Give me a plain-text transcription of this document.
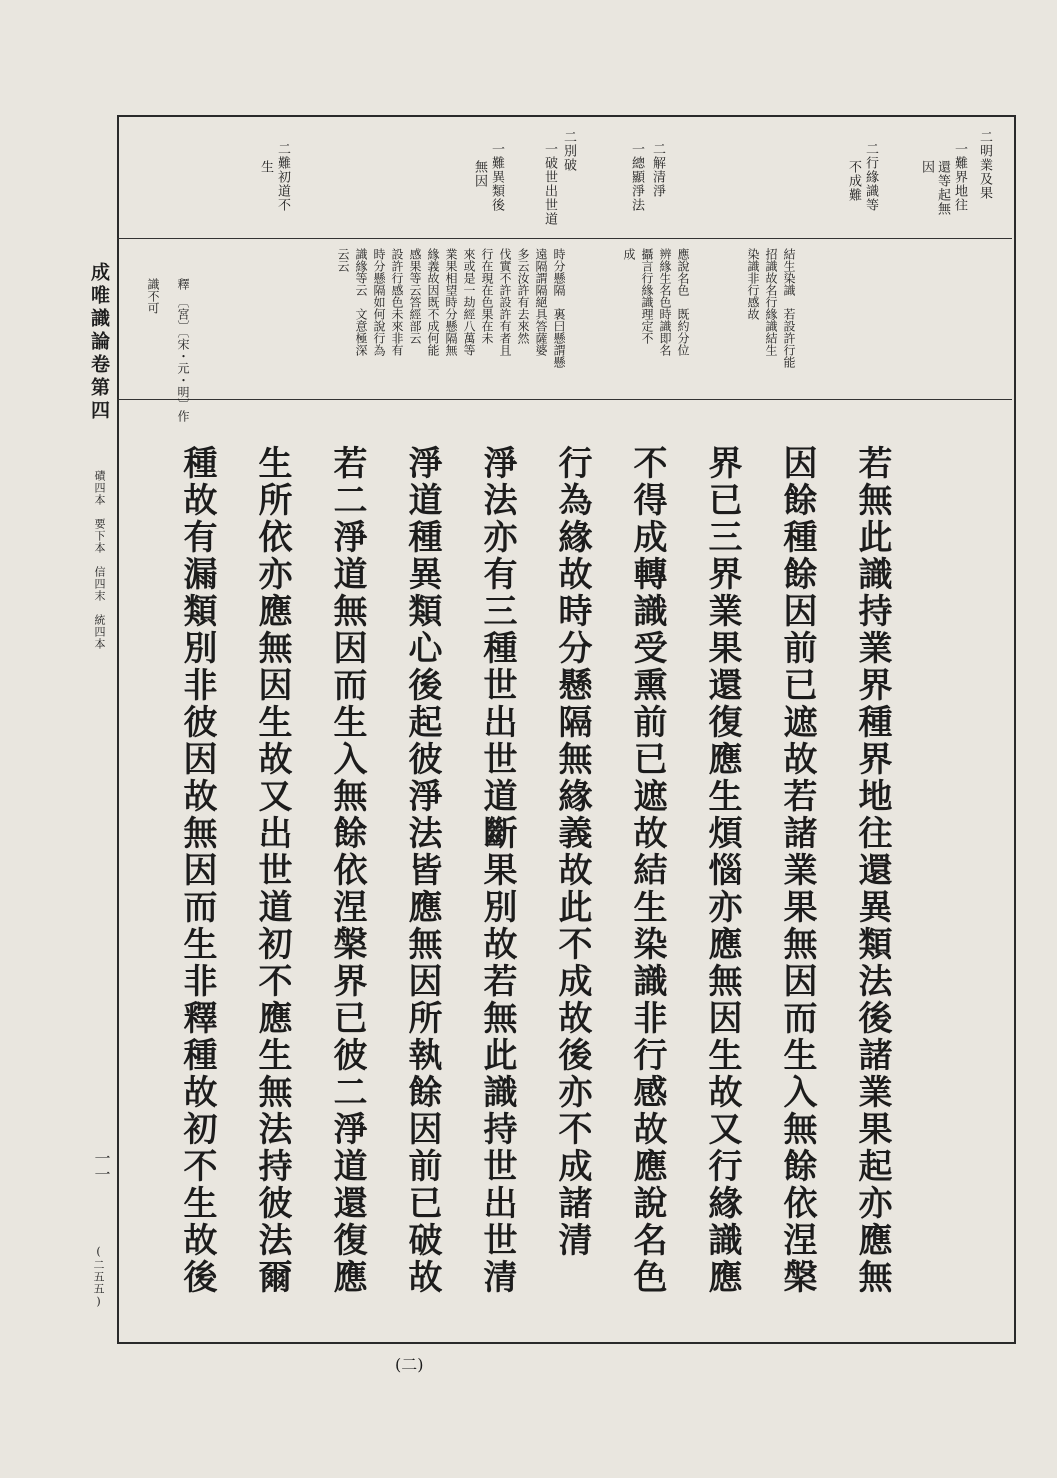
成唯識論卷第四
磧四本　要下本　信四末　統四本
一一
(二五五)
二明業及果
一難界地往
還等起無
因
二行緣識等
不成難
二解清淨
一總顯淨法
二別破
一破世出世道
一難異類後
無因
二難初道不
生
結生染識　若設許行能
招識故名行緣識結生
染識非行感故
應說名色　既約分位
辨緣生名色時識即名
攝言行緣識理定不
成
時分懸隔　裏曰懸謂懸
遠隔謂隔絕具答薩婆
多云汝許有去來然
伐實不許設許有者且
行在現在色果在未
來或是一劫經八萬等
業果相望時分懸隔無
緣義故因既不成何能
感果等云答經部云
設許行感色未來非有
時分懸隔如何說行為
識緣等云　文意極深
云云
釋　〔宮〕〔宋・元・明〕作
識不可
若無此識持業界種界地往還異類法後諸業果起亦應無
因餘種餘因前已遮故若諸業果無因而生入無餘依涅槃
界已三界業果還復應生煩惱亦應無因生故又行緣識應
不得成轉識受熏前已遮故結生染識非行感故應說名色
行為緣故時分懸隔無緣義故此不成故後亦不成諸清
淨法亦有三種世出世道斷果別故若無此識持世出世清
淨道種異類心後起彼淨法皆應無因所執餘因前已破故
若二淨道無因而生入無餘依涅槃界已彼二淨道還復應
生所依亦應無因生故又出世道初不應生無法持彼法爾
種故有漏類別非彼因故無因而生非釋種故初不生故後
(二)
